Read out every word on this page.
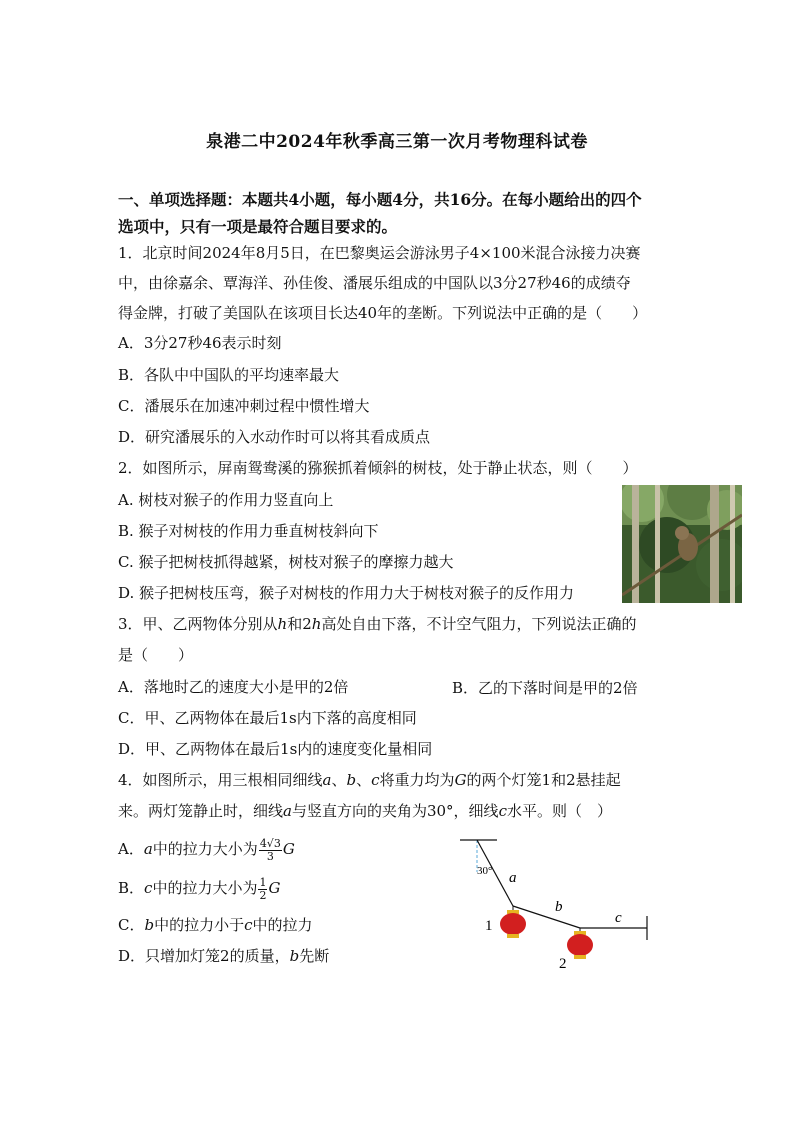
泉港二中2024年秋季高三第一次月考物理科试卷
一、单项选择题：本题共4小题，每小题4分，共16分。在每小题给出的四个
选项中，只有一项是最符合题目要求的。
1．北京时间2024年8月5日，在巴黎奥运会游泳男子4×100米混合泳接力决赛
中，由徐嘉余、覃海洋、孙佳俊、潘展乐组成的中国队以3分27秒46的成绩夺
得金牌，打破了美国队在该项目长达40年的垄断。下列说法中正确的是（　　）
A．3分27秒46表示时刻
B．各队中中国队的平均速率最大
C．潘展乐在加速冲刺过程中惯性增大
D．研究潘展乐的入水动作时可以将其看成质点
2．如图所示，屏南鸳鸯溪的猕猴抓着倾斜的树枝，处于静止状态，则（　　）
A. 树枝对猴子的作用力竖直向上
B. 猴子对树枝的作用力垂直树枝斜向下
C. 猴子把树枝抓得越紧，树枝对猴子的摩擦力越大
D. 猴子把树枝压弯，猴子对树枝的作用力大于树枝对猴子的反作用力
3．甲、乙两物体分别从h和2h高处自由下落，不计空气阻力，下列说法正确的
是（　　）
A．落地时乙的速度大小是甲的2倍	B．乙的下落时间是甲的2倍
C．甲、乙两物体在最后1s内下落的高度相同
D．甲、乙两物体在最后1s内的速度变化量相同
4．如图所示，用三根相同细线a、b、c将重力均为G的两个灯笼1和2悬挂起
来。两灯笼静止时，细线a与竖直方向的夹角为30°，细线c水平。则（　）
A．a中的拉力大小为 $\frac{4√3}{3}$ G
B．c中的拉力大小为 $\frac{1}{2}$ G
C．b中的拉力小于c中的拉力
D．只增加灯笼2的质量，b先断
30° a
b
c
1
2
